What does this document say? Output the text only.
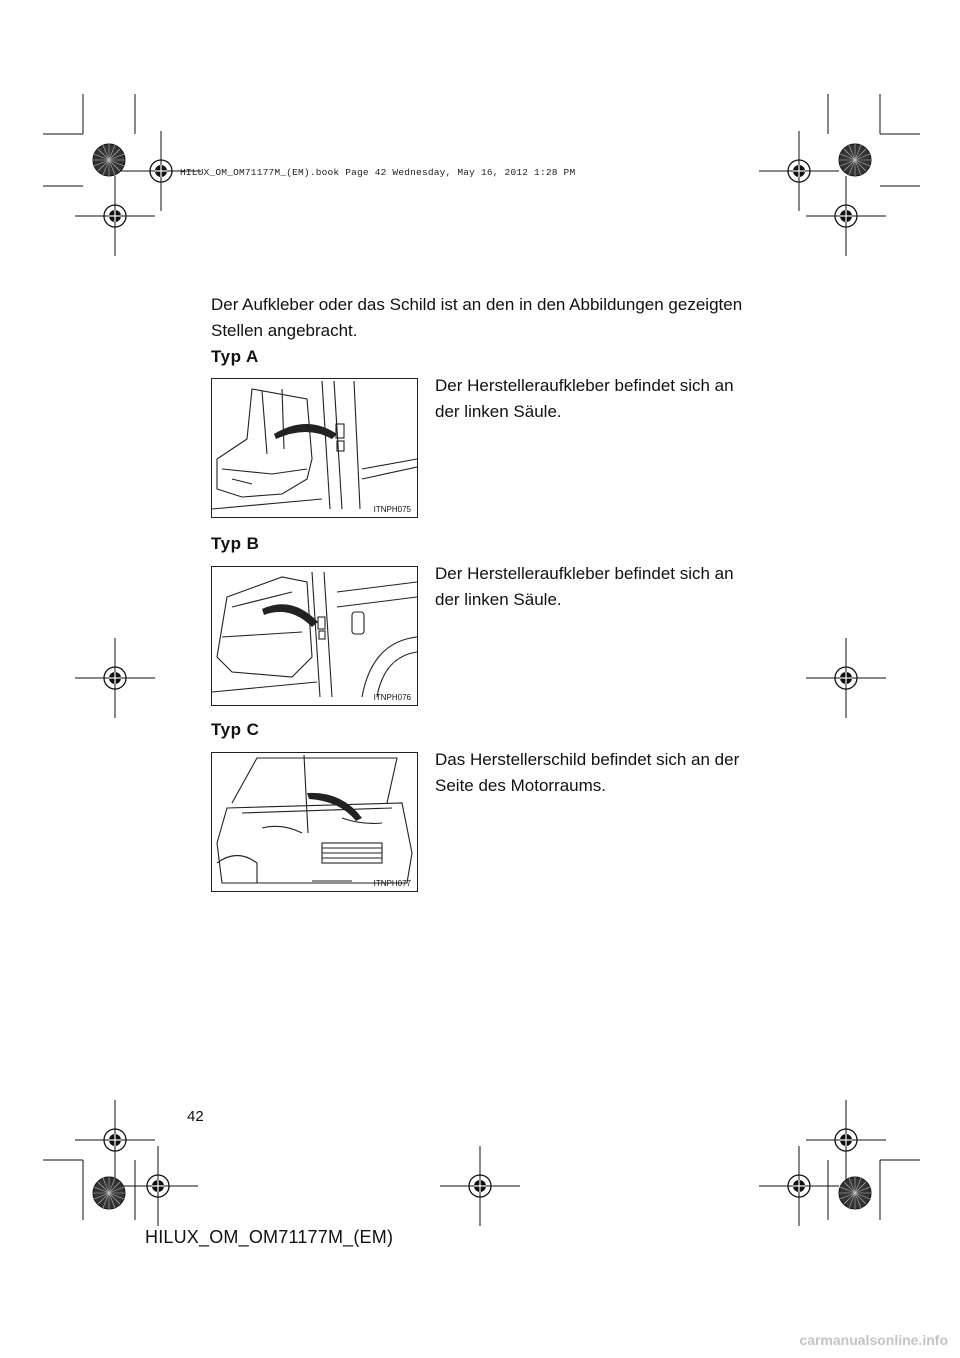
HILUX_OM_OM71177M_(EM).book Page 42 Wednesday, May 16, 2012 1:28 PM
Der Aufkleber oder das Schild ist an den in den Abbildungen gezeigten Stellen angebracht.
Typ A
ITNPH075
Der Herstelleraufkleber befindet sich an der linken Säule.
Typ B
ITNPH076
Der Herstelleraufkleber befindet sich an der linken Säule.
Typ C
ITNPH077
Das Herstellerschild befindet sich an der Seite des Motorraums.
42
HILUX_OM_OM71177M_(EM)
carmanualsonline.info
